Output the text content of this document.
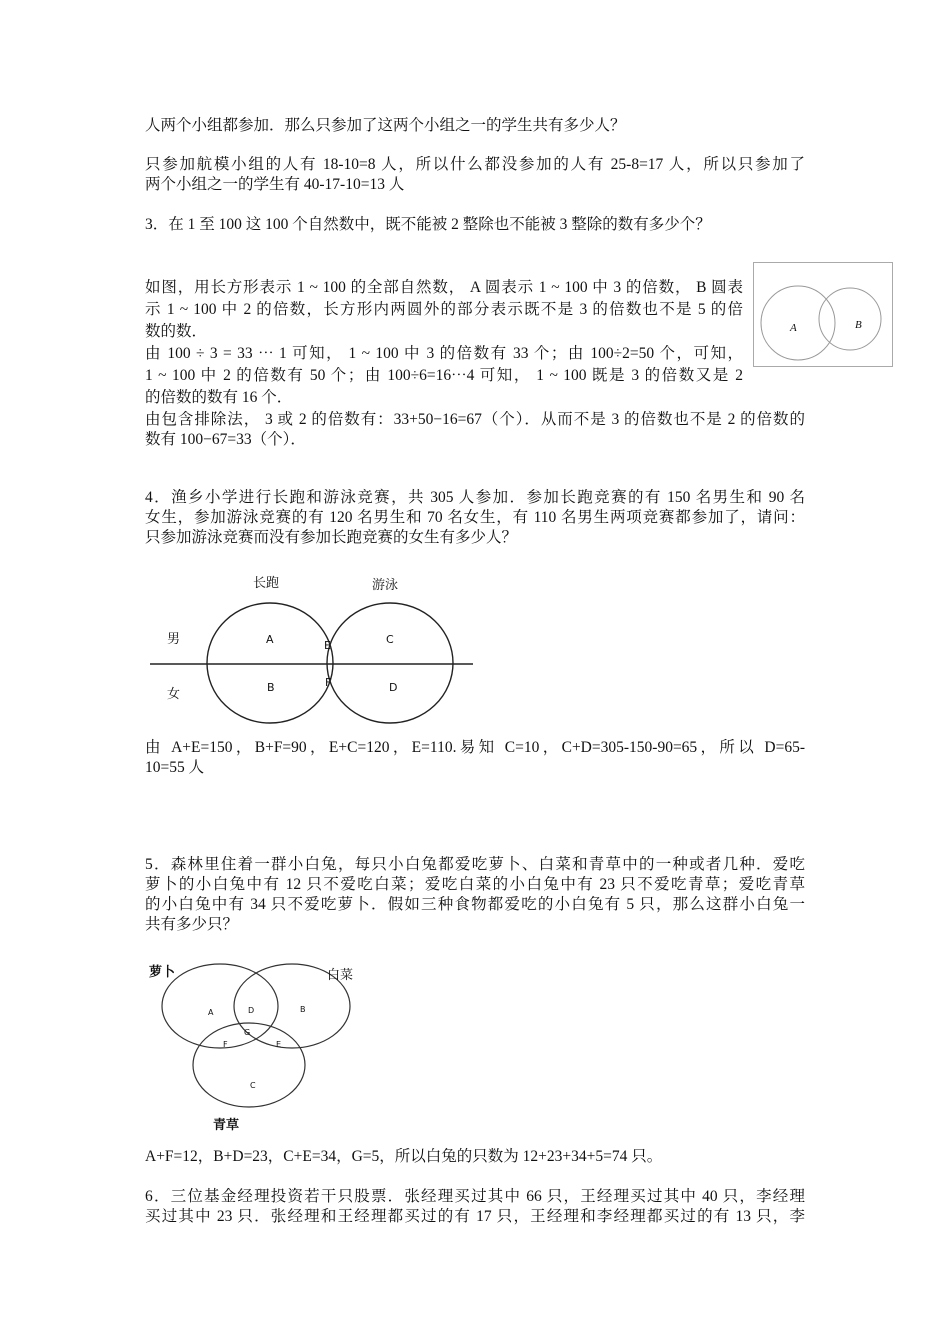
人两个小组都参加．那么只参加了这两个小组之一的学生共有多少人？
只参加航模小组的人有 18-10=8 人，所以什么都没参加的人有 25-8=17 人，所以只参加了
两个小组之一的学生有 40-17-10=13 人
3．在 1 至 100 这 100 个自然数中，既不能被 2 整除也不能被 3 整除的数有多少个？
如图，用长方形表示 1 ~ 100 的全部自然数， A 圆表示 1 ~ 100 中 3 的倍数， B 圆表
示 1 ~ 100 中 2 的倍数，长方形内两圆外的部分表示既不是 3 的倍数也不是 5 的倍
数的数．
由 100 ÷ 3 = 33 ⋯ 1 可知， 1 ~ 100 中 3 的倍数有 33 个；由 100÷2=50 个，可知，
1 ~ 100 中 2 的倍数有 50 个；由 100÷6=16⋯4 可知， 1 ~ 100 既是 3 的倍数又是 2
的倍数的数有 16 个．
由包含排除法， 3 或 2 的倍数有：33+50−16=67（个）．从而不是 3 的倍数也不是 2 的倍数的
数有 100−67=33（个）．
A	B
4．渔乡小学进行长跑和游泳竞赛，共 305 人参加．参加长跑竞赛的有 150 名男生和 90 名
女生，参加游泳竞赛的有 120 名男生和 70 名女生，有 110 名男生两项竞赛都参加了，请问：
只参加游泳竞赛而没有参加长跑竞赛的女生有多少人？
长跑	游泳
男
女
A	E	C
B	F	D
由 A+E=150，B+F=90，E+C=120，E=110.易知 C=10，C+D=305-150-90=65，所以 D=65-
10=55 人
5．森林里住着一群小白兔，每只小白兔都爱吃萝卜、白菜和青草中的一种或者几种．爱吃
萝卜的小白兔中有 12 只不爱吃白菜；爱吃白菜的小白兔中有 23 只不爱吃青草；爱吃青草
的小白兔中有 34 只不爱吃萝卜．假如三种食物都爱吃的小白兔有 5 只，那么这群小白兔一
共有多少只？
萝卜	白菜
青草
A	D	B
G
F	E
C
A+F=12，B+D=23，C+E=34，G=5，所以白兔的只数为 12+23+34+5=74 只。
6．三位基金经理投资若干只股票．张经理买过其中 66 只，王经理买过其中 40 只，李经理
买过其中 23 只．张经理和王经理都买过的有 17 只，王经理和李经理都买过的有 13 只，李
